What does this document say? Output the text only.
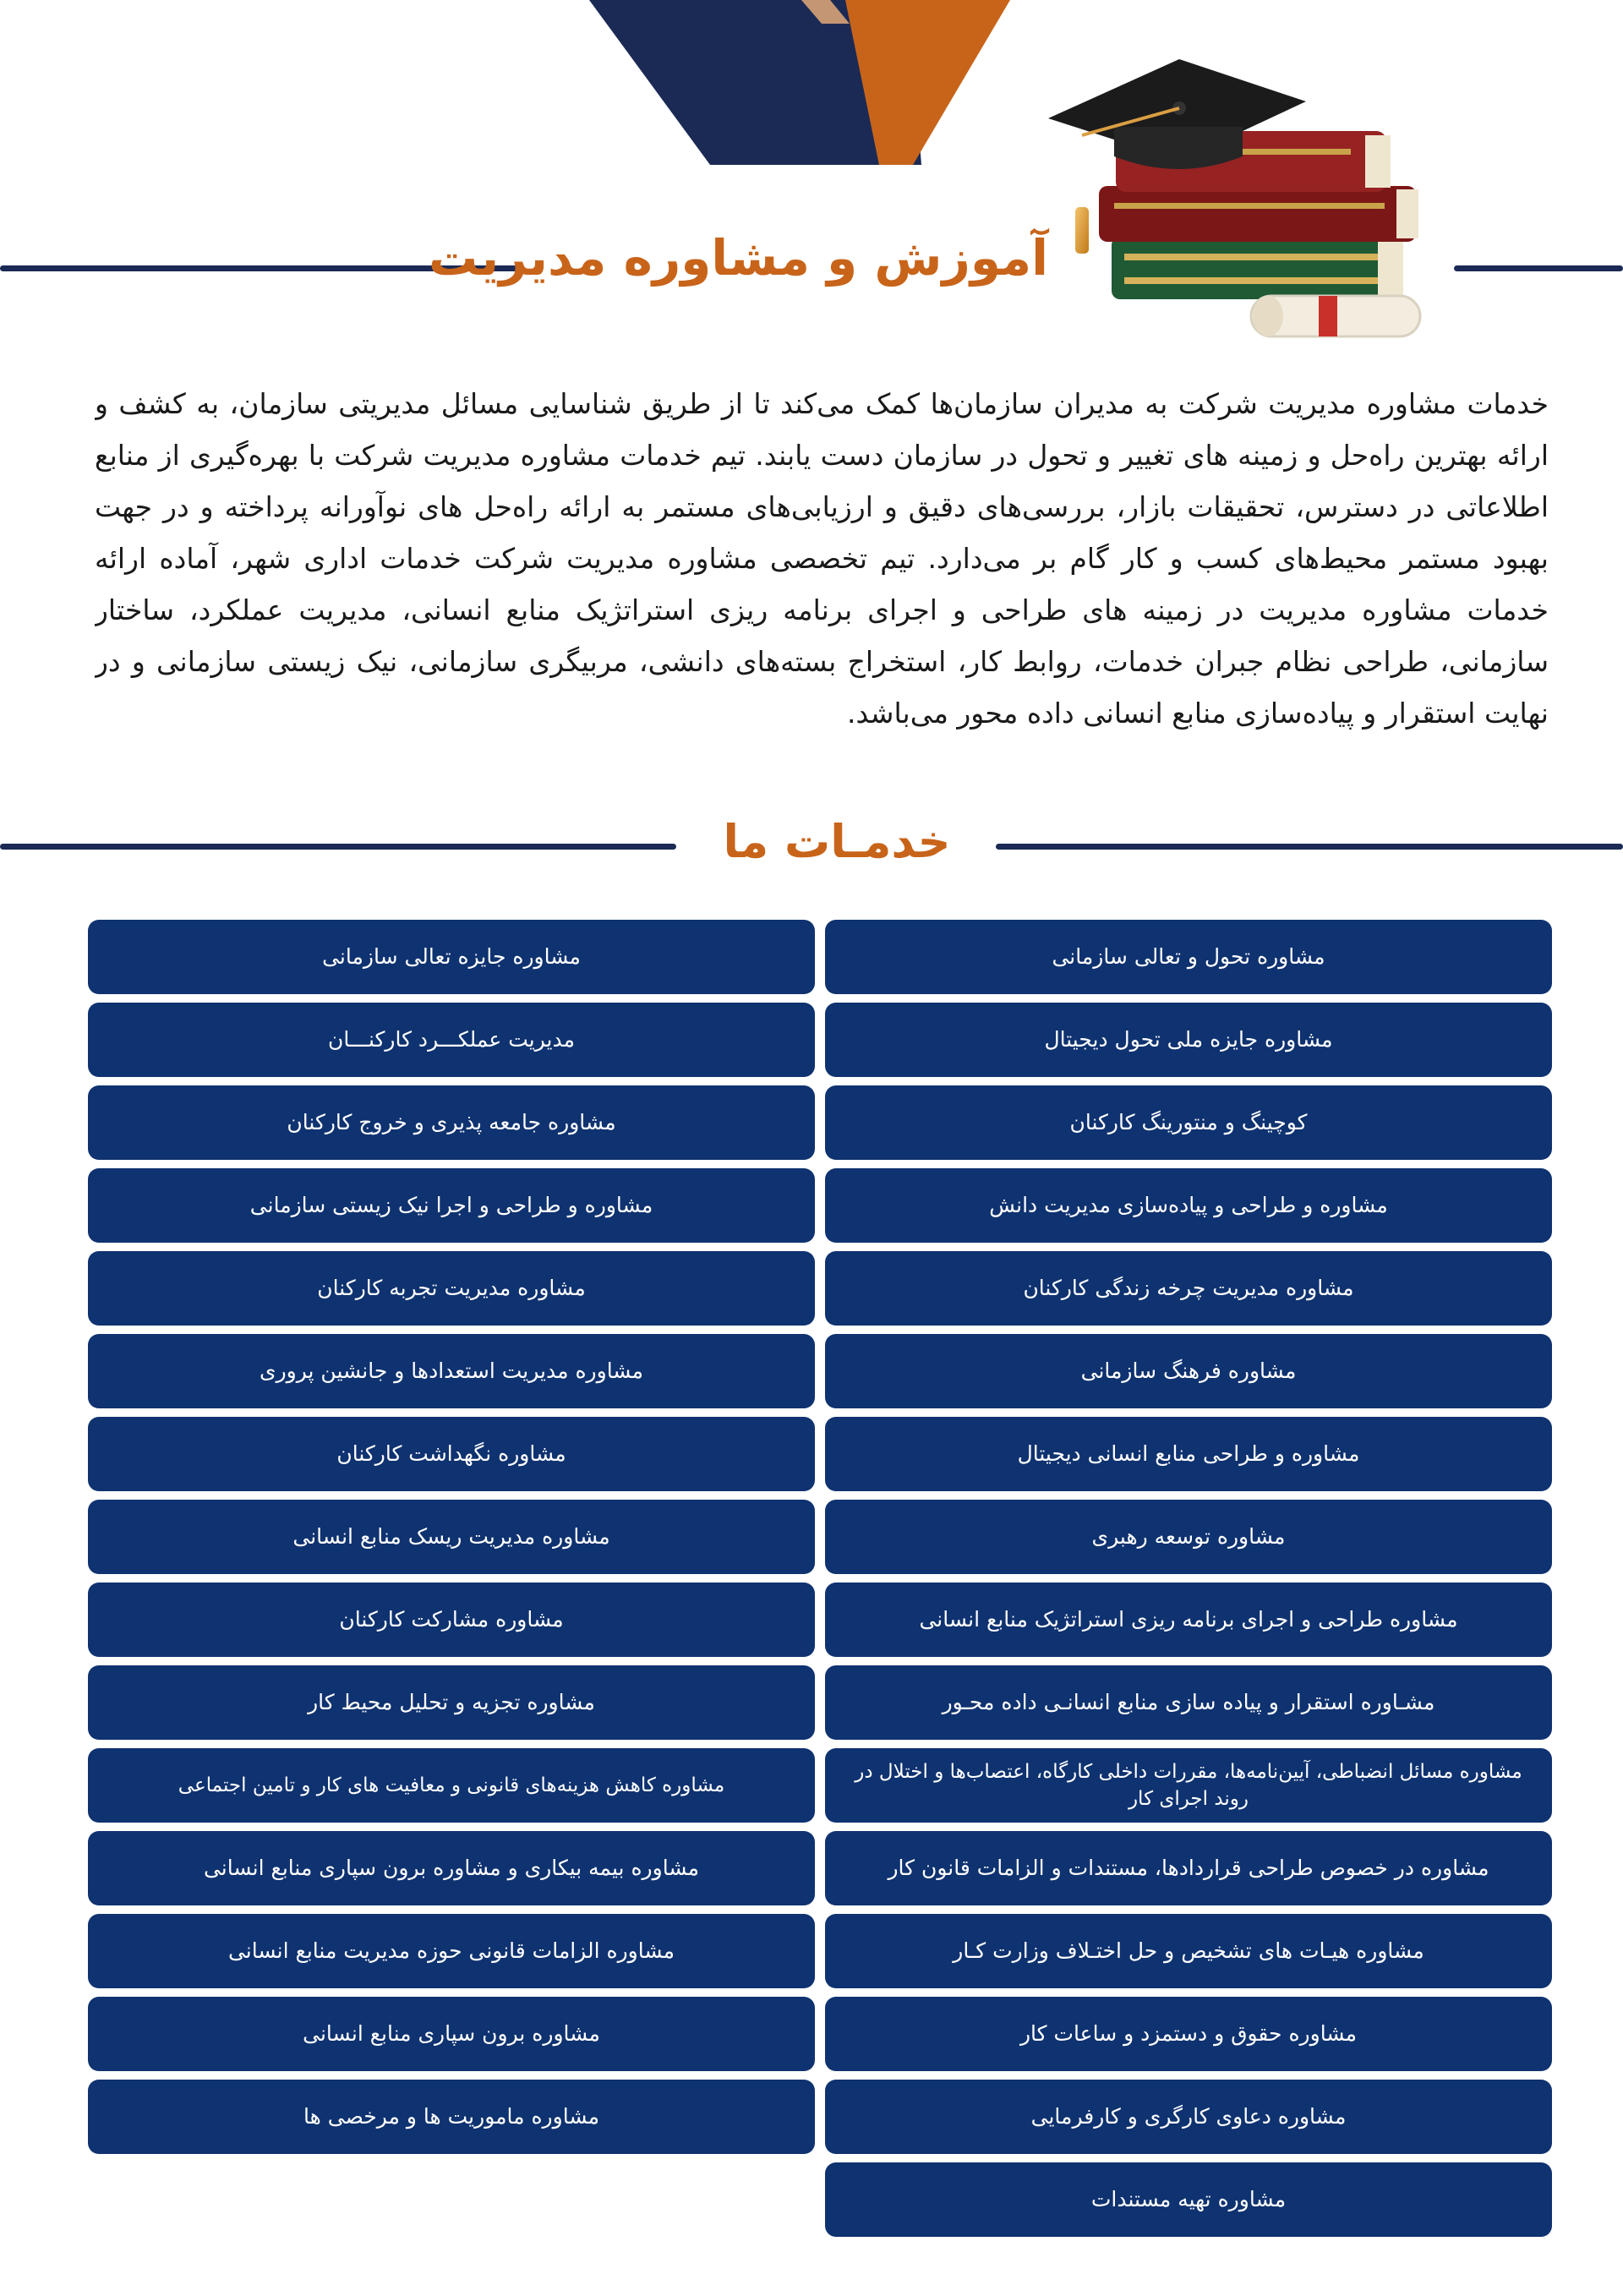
آموزش و مشاوره مدیریت

خدمات مشاوره مدیریت شرکت به مدیران سازمان‌ها کمک می‌کند تا از طریق شناسایی مسائل مدیریتی سازمان، به کشف و ارائه بهترین راه‌حل و زمینه های تغییر و تحول در سازمان دست یابند. تیم خدمات مشاوره مدیریت شرکت با بهره‌گیری از منابع اطلاعاتی در دسترس، تحقیقات بازار، بررسی‌های دقیق و ارزیابی‌های مستمر به ارائه راه‌حل های نوآورانه پرداخته و در جهت بهبود مستمر محیط‌های کسب و کار گام بر می‌دارد. تیم تخصصی مشاوره مدیریت شرکت خدمات اداری شهر، آماده ارائه خدمات مشاوره مدیریت در زمینه های طراحی و اجرای برنامه ریزی استراتژیک منابع انسانی، مدیریت عملکرد، ساختار سازمانی، طراحی نظام جبران خدمات، روابط کار، استخراج بسته‌های دانشی، مربیگری سازمانی، نیک زیستی سازمانی و در نهایت استقرار و پیاده‌سازی منابع انسانی داده محور می‌باشد.

خدمـات ما
مشاوره تحول و تعالی سازمانی
مشاوره جایزه ملی تحول دیجیتال
کوچینگ و منتورینگ کارکنان
مشاوره و طراحی و پیاده‌سازی مدیریت دانش
مشاوره مدیریت چرخه زندگی کارکنان
مشاوره فرهنگ سازمانی
مشاوره و طراحی منابع انسانی دیجیتال
مشاوره توسعه رهبری
مشاوره طراحی و اجرای برنامه ریزی استراتژیک منابع انسانی
مشـاوره استقرار و پیاده سازی منابع انسانـی داده محـور
مشاوره مسائل انضباطی، آیین‌نامه‌ها، مقررات داخلی کارگاه، اعتصاب‌ها و اختلال در روند اجرای کار
مشاوره در خصوص طراحی قراردادها، مستندات و الزامات قانون کار
مشاوره هیـات‌ های تشخیص و حل اختـلاف وزارت کـار
مشاوره حقوق و دستمزد و ساعات کار
مشاوره دعاوی کارگری و کارفرمایی
مشاوره تهیه مستندات
مشاوره جایزه تعالی سازمانی
مدیریت عملکـــرد کارکنـــان
مشاوره جامعه پذیری و خروج کارکنان
مشاوره و طراحی و اجرا نیک زیستی سازمانی
مشاوره مدیریت تجربه کارکنان
مشاوره مدیریت استعدادها و جانشین پروری
مشاوره نگهداشت کارکنان
مشاوره مدیریت ریسک منابع انسانی
مشاوره مشارکت کارکنان
مشاوره تجزیه و تحلیل محیط کار
مشاوره کاهش هزینه‌های قانونی و معافیت های کار و تامین اجتماعی
مشاوره بیمه بیکاری و مشاوره برون سپاری منابع انسانی
مشاوره الزامات قانونی حوزه مدیریت منابع انسانی
مشاوره برون سپاری منابع انسانی
مشاوره ماموریت‌ ها و مرخصی ها
